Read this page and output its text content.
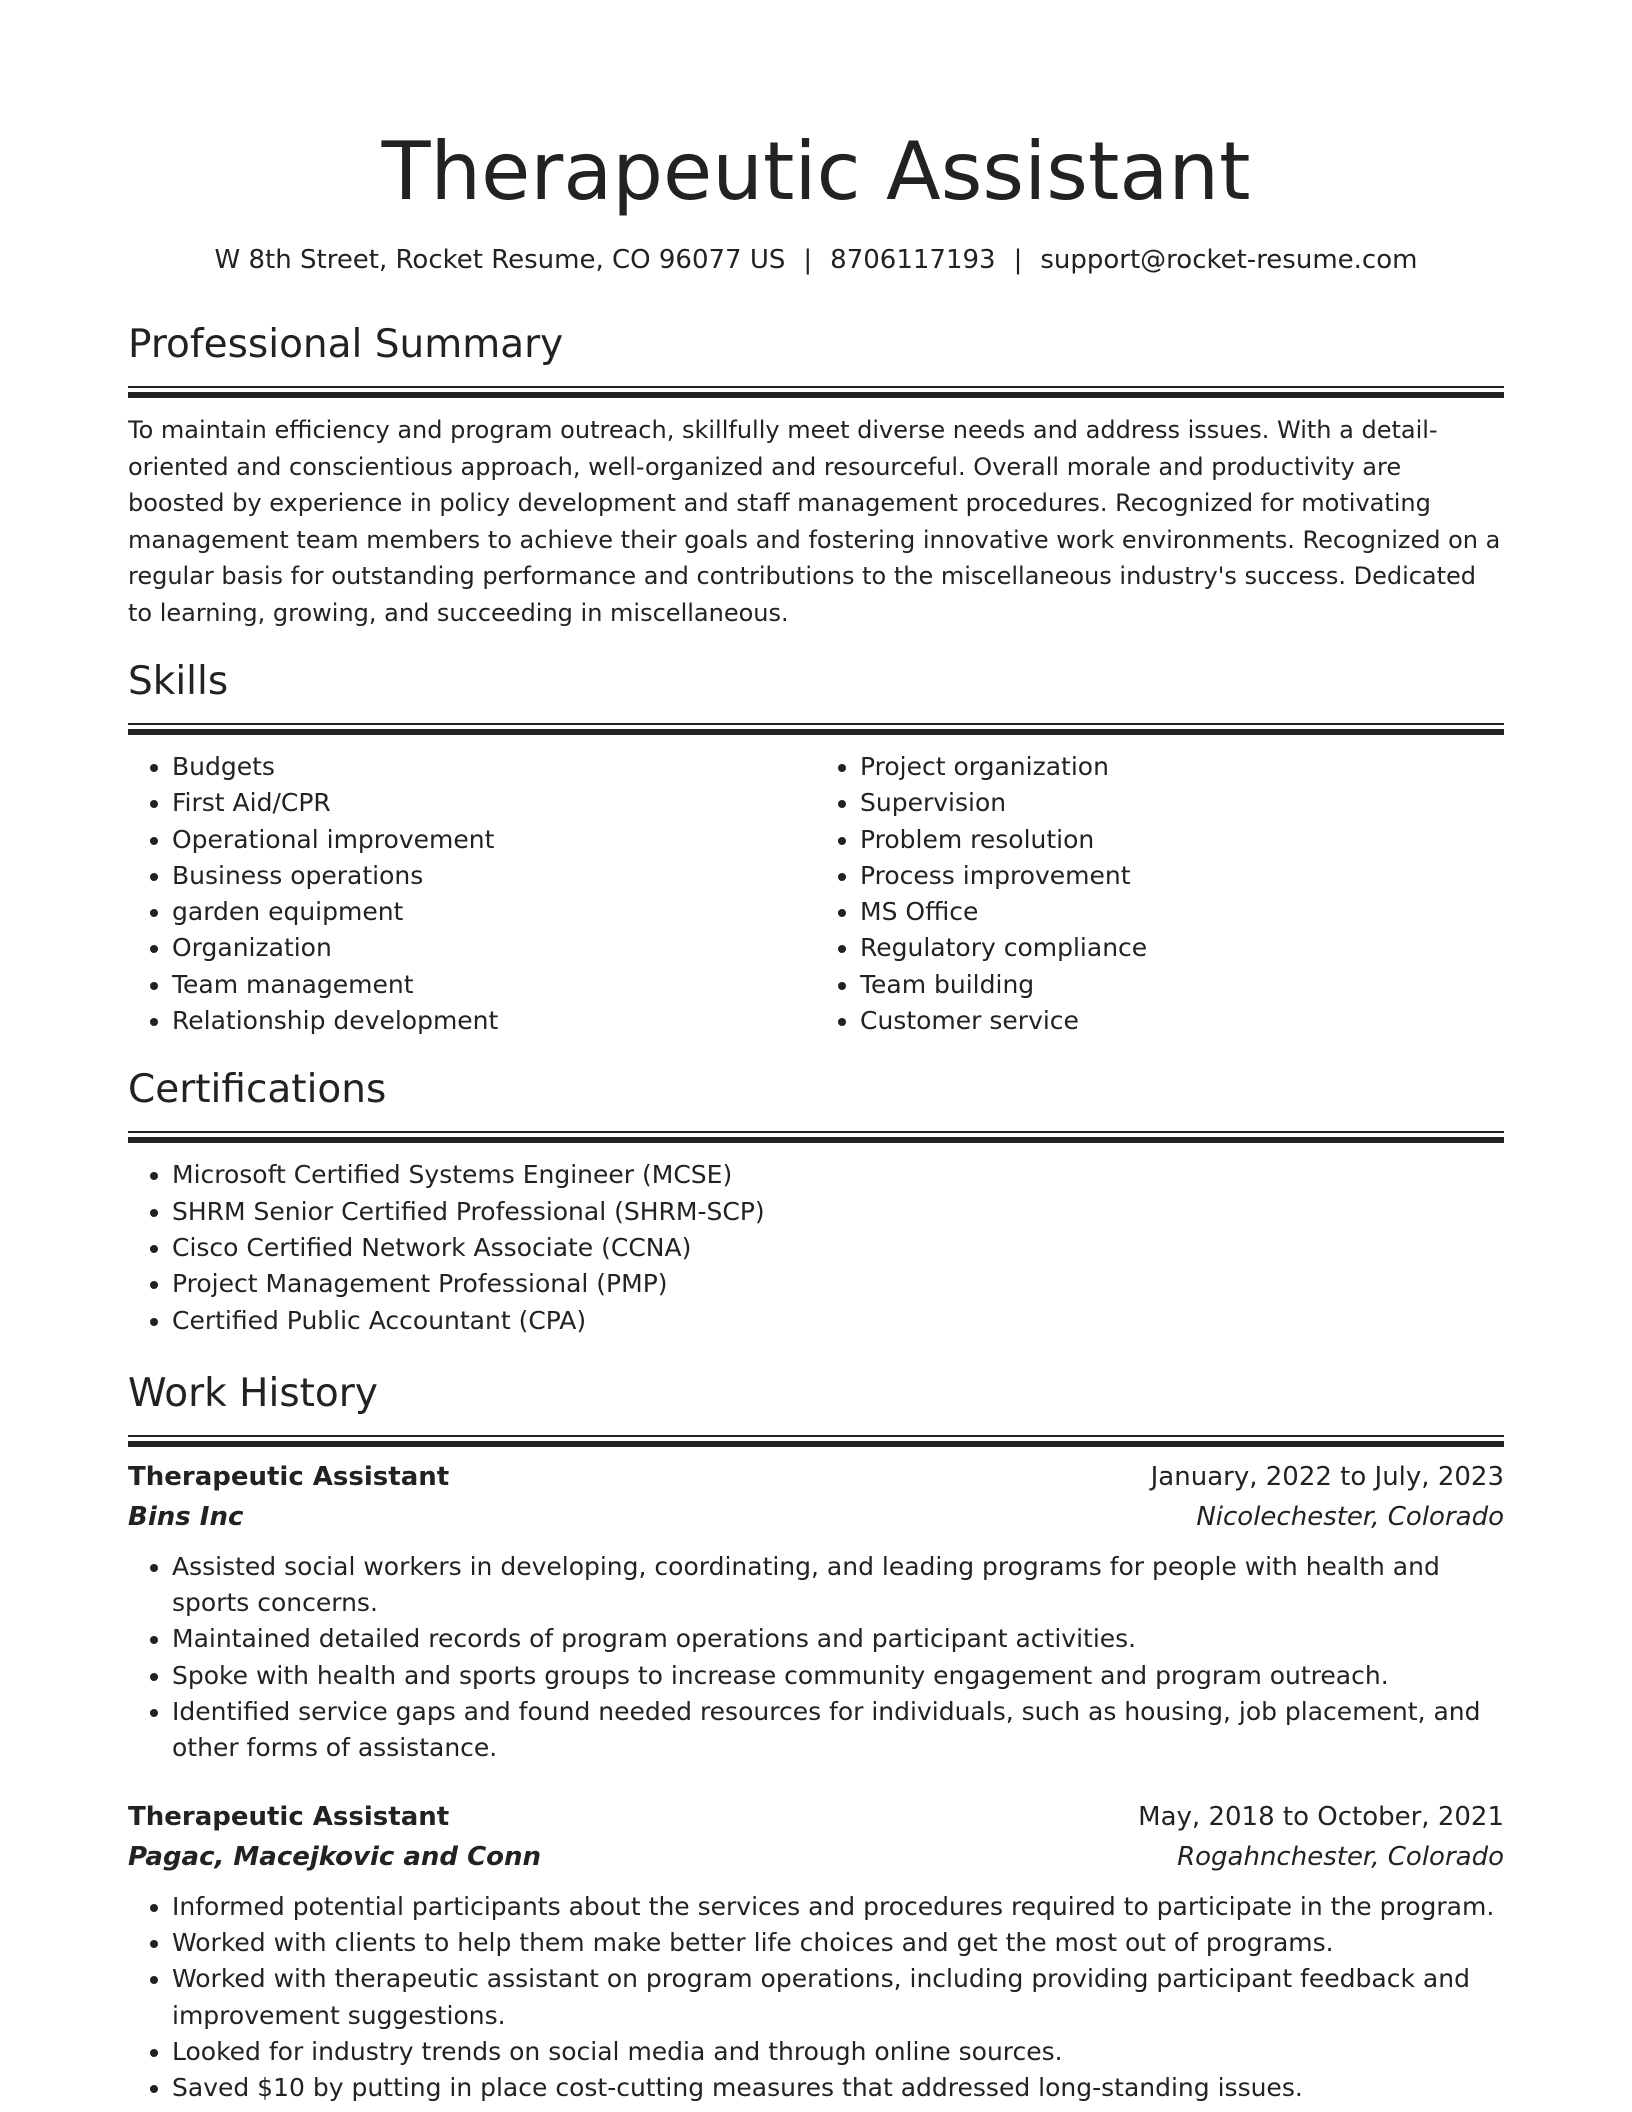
Therapeutic Assistant
W 8th Street, Rocket Resume, CO 96077 US | 8706117193 | support@rocket-resume.com
Professional Summary
To maintain efficiency and program outreach, skillfully meet diverse needs and address issues. With a detail-oriented and conscientious approach, well-organized and resourceful. Overall morale and productivity are boosted by experience in policy development and staff management procedures. Recognized for motivating management team members to achieve their goals and fostering innovative work environments. Recognized on a regular basis for outstanding performance and contributions to the miscellaneous industry's success. Dedicated to learning, growing, and succeeding in miscellaneous.
Skills
• Budgets
• First Aid/CPR
• Operational improvement
• Business operations
• garden equipment
• Organization
• Team management
• Relationship development
• Project organization
• Supervision
• Problem resolution
• Process improvement
• MS Office
• Regulatory compliance
• Team building
• Customer service
Certifications
• Microsoft Certified Systems Engineer (MCSE)
• SHRM Senior Certified Professional (SHRM-SCP)
• Cisco Certified Network Associate (CCNA)
• Project Management Professional (PMP)
• Certified Public Accountant (CPA)
Work History
Therapeutic Assistant	January, 2022 to July, 2023
Bins Inc	Nicolechester, Colorado
• Assisted social workers in developing, coordinating, and leading programs for people with health and sports concerns.
• Maintained detailed records of program operations and participant activities.
• Spoke with health and sports groups to increase community engagement and program outreach.
• Identified service gaps and found needed resources for individuals, such as housing, job placement, and other forms of assistance.
Therapeutic Assistant	May, 2018 to October, 2021
Pagac, Macejkovic and Conn	Rogahnchester, Colorado
• Informed potential participants about the services and procedures required to participate in the program.
• Worked with clients to help them make better life choices and get the most out of programs.
• Worked with therapeutic assistant on program operations, including providing participant feedback and improvement suggestions.
• Looked for industry trends on social media and through online sources.
• Saved $10 by putting in place cost-cutting measures that addressed long-standing issues.
